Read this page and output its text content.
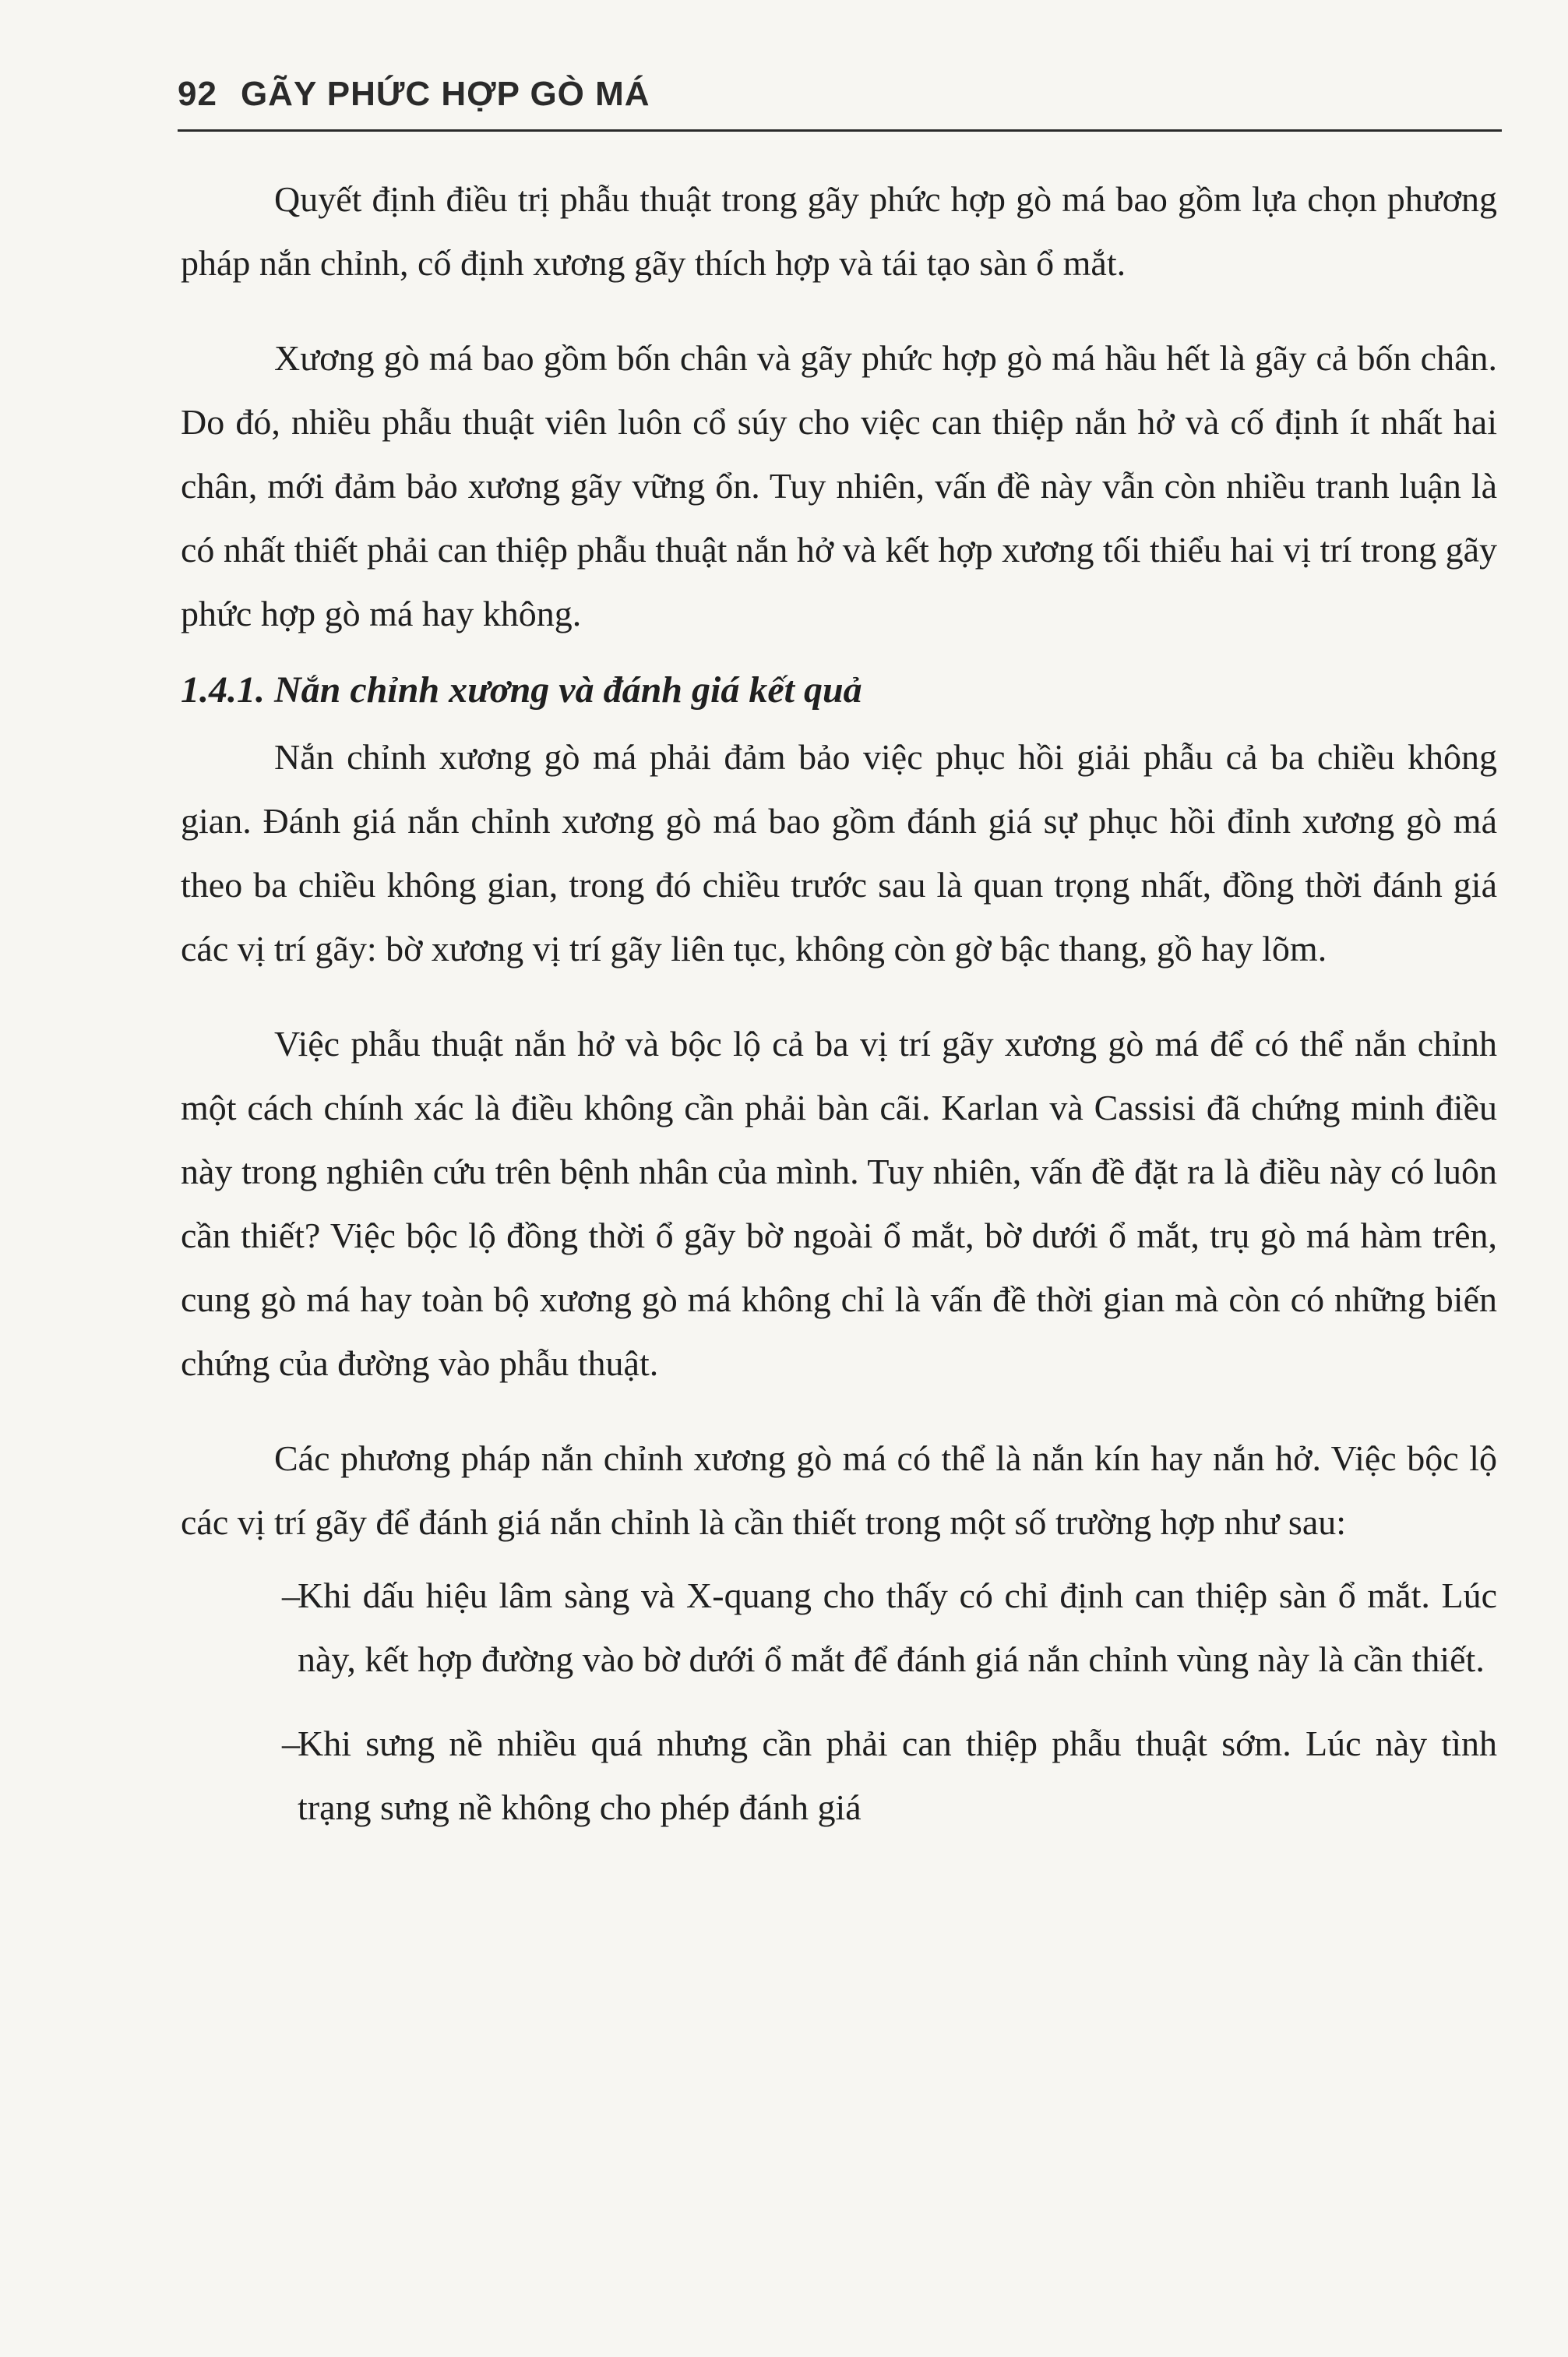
92 GÃY PHỨC HỢP GÒ MÁ

Quyết định điều trị phẫu thuật trong gãy phức hợp gò má bao gồm lựa chọn phương pháp nắn chỉnh, cố định xương gãy thích hợp và tái tạo sàn ổ mắt.

Xương gò má bao gồm bốn chân và gãy phức hợp gò má hầu hết là gãy cả bốn chân. Do đó, nhiều phẫu thuật viên luôn cổ súy cho việc can thiệp nắn hở và cố định ít nhất hai chân, mới đảm bảo xương gãy vững ổn. Tuy nhiên, vấn đề này vẫn còn nhiều tranh luận là có nhất thiết phải can thiệp phẫu thuật nắn hở và kết hợp xương tối thiểu hai vị trí trong gãy phức hợp gò má hay không.

1.4.1. Nắn chỉnh xương và đánh giá kết quả

Nắn chỉnh xương gò má phải đảm bảo việc phục hồi giải phẫu cả ba chiều không gian. Đánh giá nắn chỉnh xương gò má bao gồm đánh giá sự phục hồi đỉnh xương gò má theo ba chiều không gian, trong đó chiều trước sau là quan trọng nhất, đồng thời đánh giá các vị trí gãy: bờ xương vị trí gãy liên tục, không còn gờ bậc thang, gồ hay lõm.

Việc phẫu thuật nắn hở và bộc lộ cả ba vị trí gãy xương gò má để có thể nắn chỉnh một cách chính xác là điều không cần phải bàn cãi. Karlan và Cassisi đã chứng minh điều này trong nghiên cứu trên bệnh nhân của mình. Tuy nhiên, vấn đề đặt ra là điều này có luôn cần thiết? Việc bộc lộ đồng thời ổ gãy bờ ngoài ổ mắt, bờ dưới ổ mắt, trụ gò má hàm trên, cung gò má hay toàn bộ xương gò má không chỉ là vấn đề thời gian mà còn có những biến chứng của đường vào phẫu thuật.

Các phương pháp nắn chỉnh xương gò má có thể là nắn kín hay nắn hở. Việc bộc lộ các vị trí gãy để đánh giá nắn chỉnh là cần thiết trong một số trường hợp như sau:

–
Khi dấu hiệu lâm sàng và X-quang cho thấy có chỉ định can thiệp sàn ổ mắt. Lúc này, kết hợp đường vào bờ dưới ổ mắt để đánh giá nắn chỉnh vùng này là cần thiết.
–
Khi sưng nề nhiều quá nhưng cần phải can thiệp phẫu thuật sớm. Lúc này tình trạng sưng nề không cho phép đánh giá
